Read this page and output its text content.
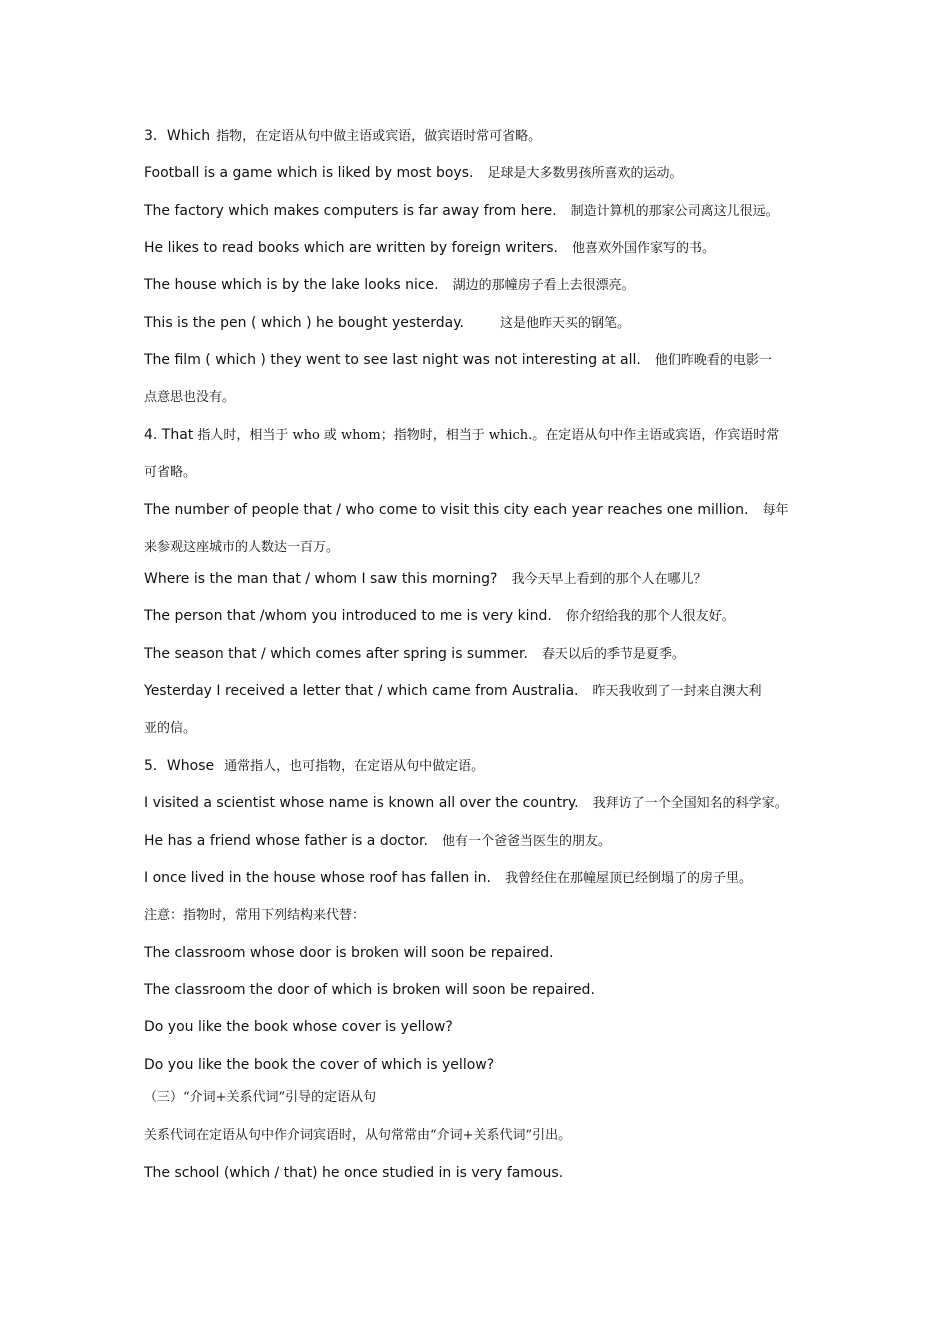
3．Which 指物，在定语从句中做主语或宾语，做宾语时常可省略。
Football is a game which is liked by most boys. 足球是大多数男孩所喜欢的运动。
The factory which makes computers is far away from here. 制造计算机的那家公司离这儿很远。
He likes to read books which are written by foreign writers. 他喜欢外国作家写的书。
The house which is by the lake looks nice. 湖边的那幢房子看上去很漂亮。
This is the pen ( which ) he bought yesterday.	这是他昨天买的钢笔。
The film ( which ) they went to see last night was not interesting at all. 他们昨晚看的电影一
点意思也没有。
4. That 指人时，相当于 who 或 whom；指物时，相当于 which.。在定语从句中作主语或宾语，作宾语时常
可省略。
The number of people that / who come to visit this city each year reaches one million. 每年
来参观这座城市的人数达一百万。
Where is the man that / whom I saw this morning? 我今天早上看到的那个人在哪儿？
The person that /whom you introduced to me is very kind. 你介绍给我的那个人很友好。
The season that / which comes after spring is summer. 春天以后的季节是夏季。
Yesterday I received a letter that / which came from Australia. 昨天我收到了一封来自澳大利
亚的信。
5．Whose 通常指人，也可指物，在定语从句中做定语。
I visited a scientist whose name is known all over the country. 我拜访了一个全国知名的科学家。
He has a friend whose father is a doctor. 他有一个爸爸当医生的朋友。
I once lived in the house whose roof has fallen in. 我曾经住在那幢屋顶已经倒塌了的房子里。
注意：指物时，常用下列结构来代替：
The classroom whose door is broken will soon be repaired.
The classroom the door of which is broken will soon be repaired.
Do you like the book whose cover is yellow?
Do you like the book the cover of which is yellow?
（三）“介词+关系代词”引导的定语从句
关系代词在定语从句中作介词宾语时，从句常常由“介词+关系代词”引出。
The school (which / that) he once studied in is very famous.
